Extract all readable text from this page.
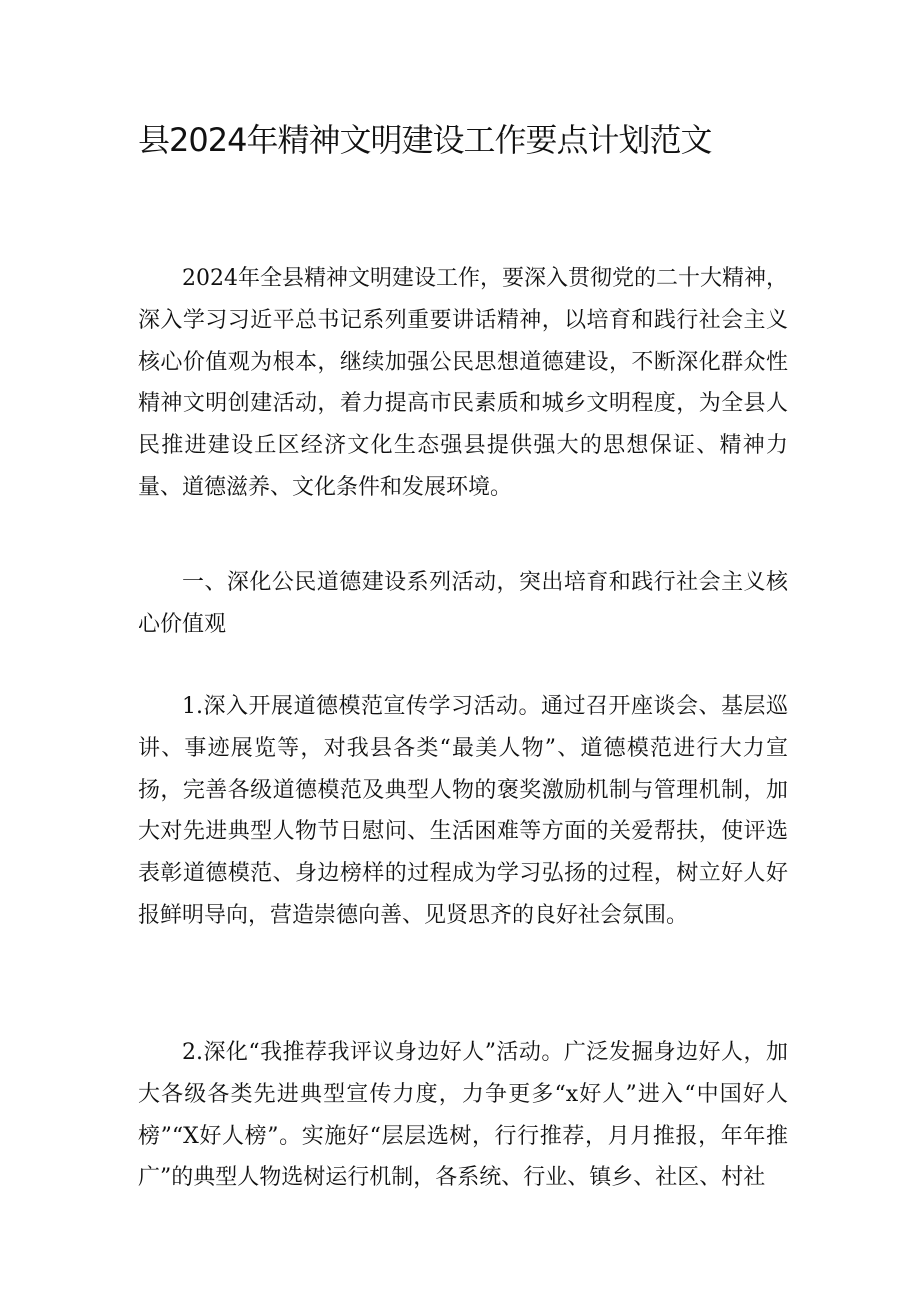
县2024年精神文明建设工作要点计划范文

2024年全县精神文明建设工作，要深入贯彻党的二十大精神，深入学习习近平总书记系列重要讲话精神，以培育和践行社会主义核心价值观为根本，继续加强公民思想道德建设，不断深化群众性精神文明创建活动，着力提高市民素质和城乡文明程度，为全县人民推进建设丘区经济文化生态强县提供强大的思想保证、精神力量、道德滋养、文化条件和发展环境。

一、深化公民道德建设系列活动，突出培育和践行社会主义核心价值观

1.深入开展道德模范宣传学习活动。通过召开座谈会、基层巡讲、事迹展览等，对我县各类“最美人物”、道德模范进行大力宣扬，完善各级道德模范及典型人物的褒奖激励机制与管理机制，加大对先进典型人物节日慰问、生活困难等方面的关爱帮扶，使评选表彰道德模范、身边榜样的过程成为学习弘扬的过程，树立好人好报鲜明导向，营造崇德向善、见贤思齐的良好社会氛围。

2.深化“我推荐我评议身边好人”活动。广泛发掘身边好人，加大各级各类先进典型宣传力度，力争更多“x好人”进入“中国好人榜”“X好人榜”。实施好“层层选树，行行推荐，月月推报，年年推广”的典型人物选树运行机制，各系统、行业、镇乡、社区、村社
